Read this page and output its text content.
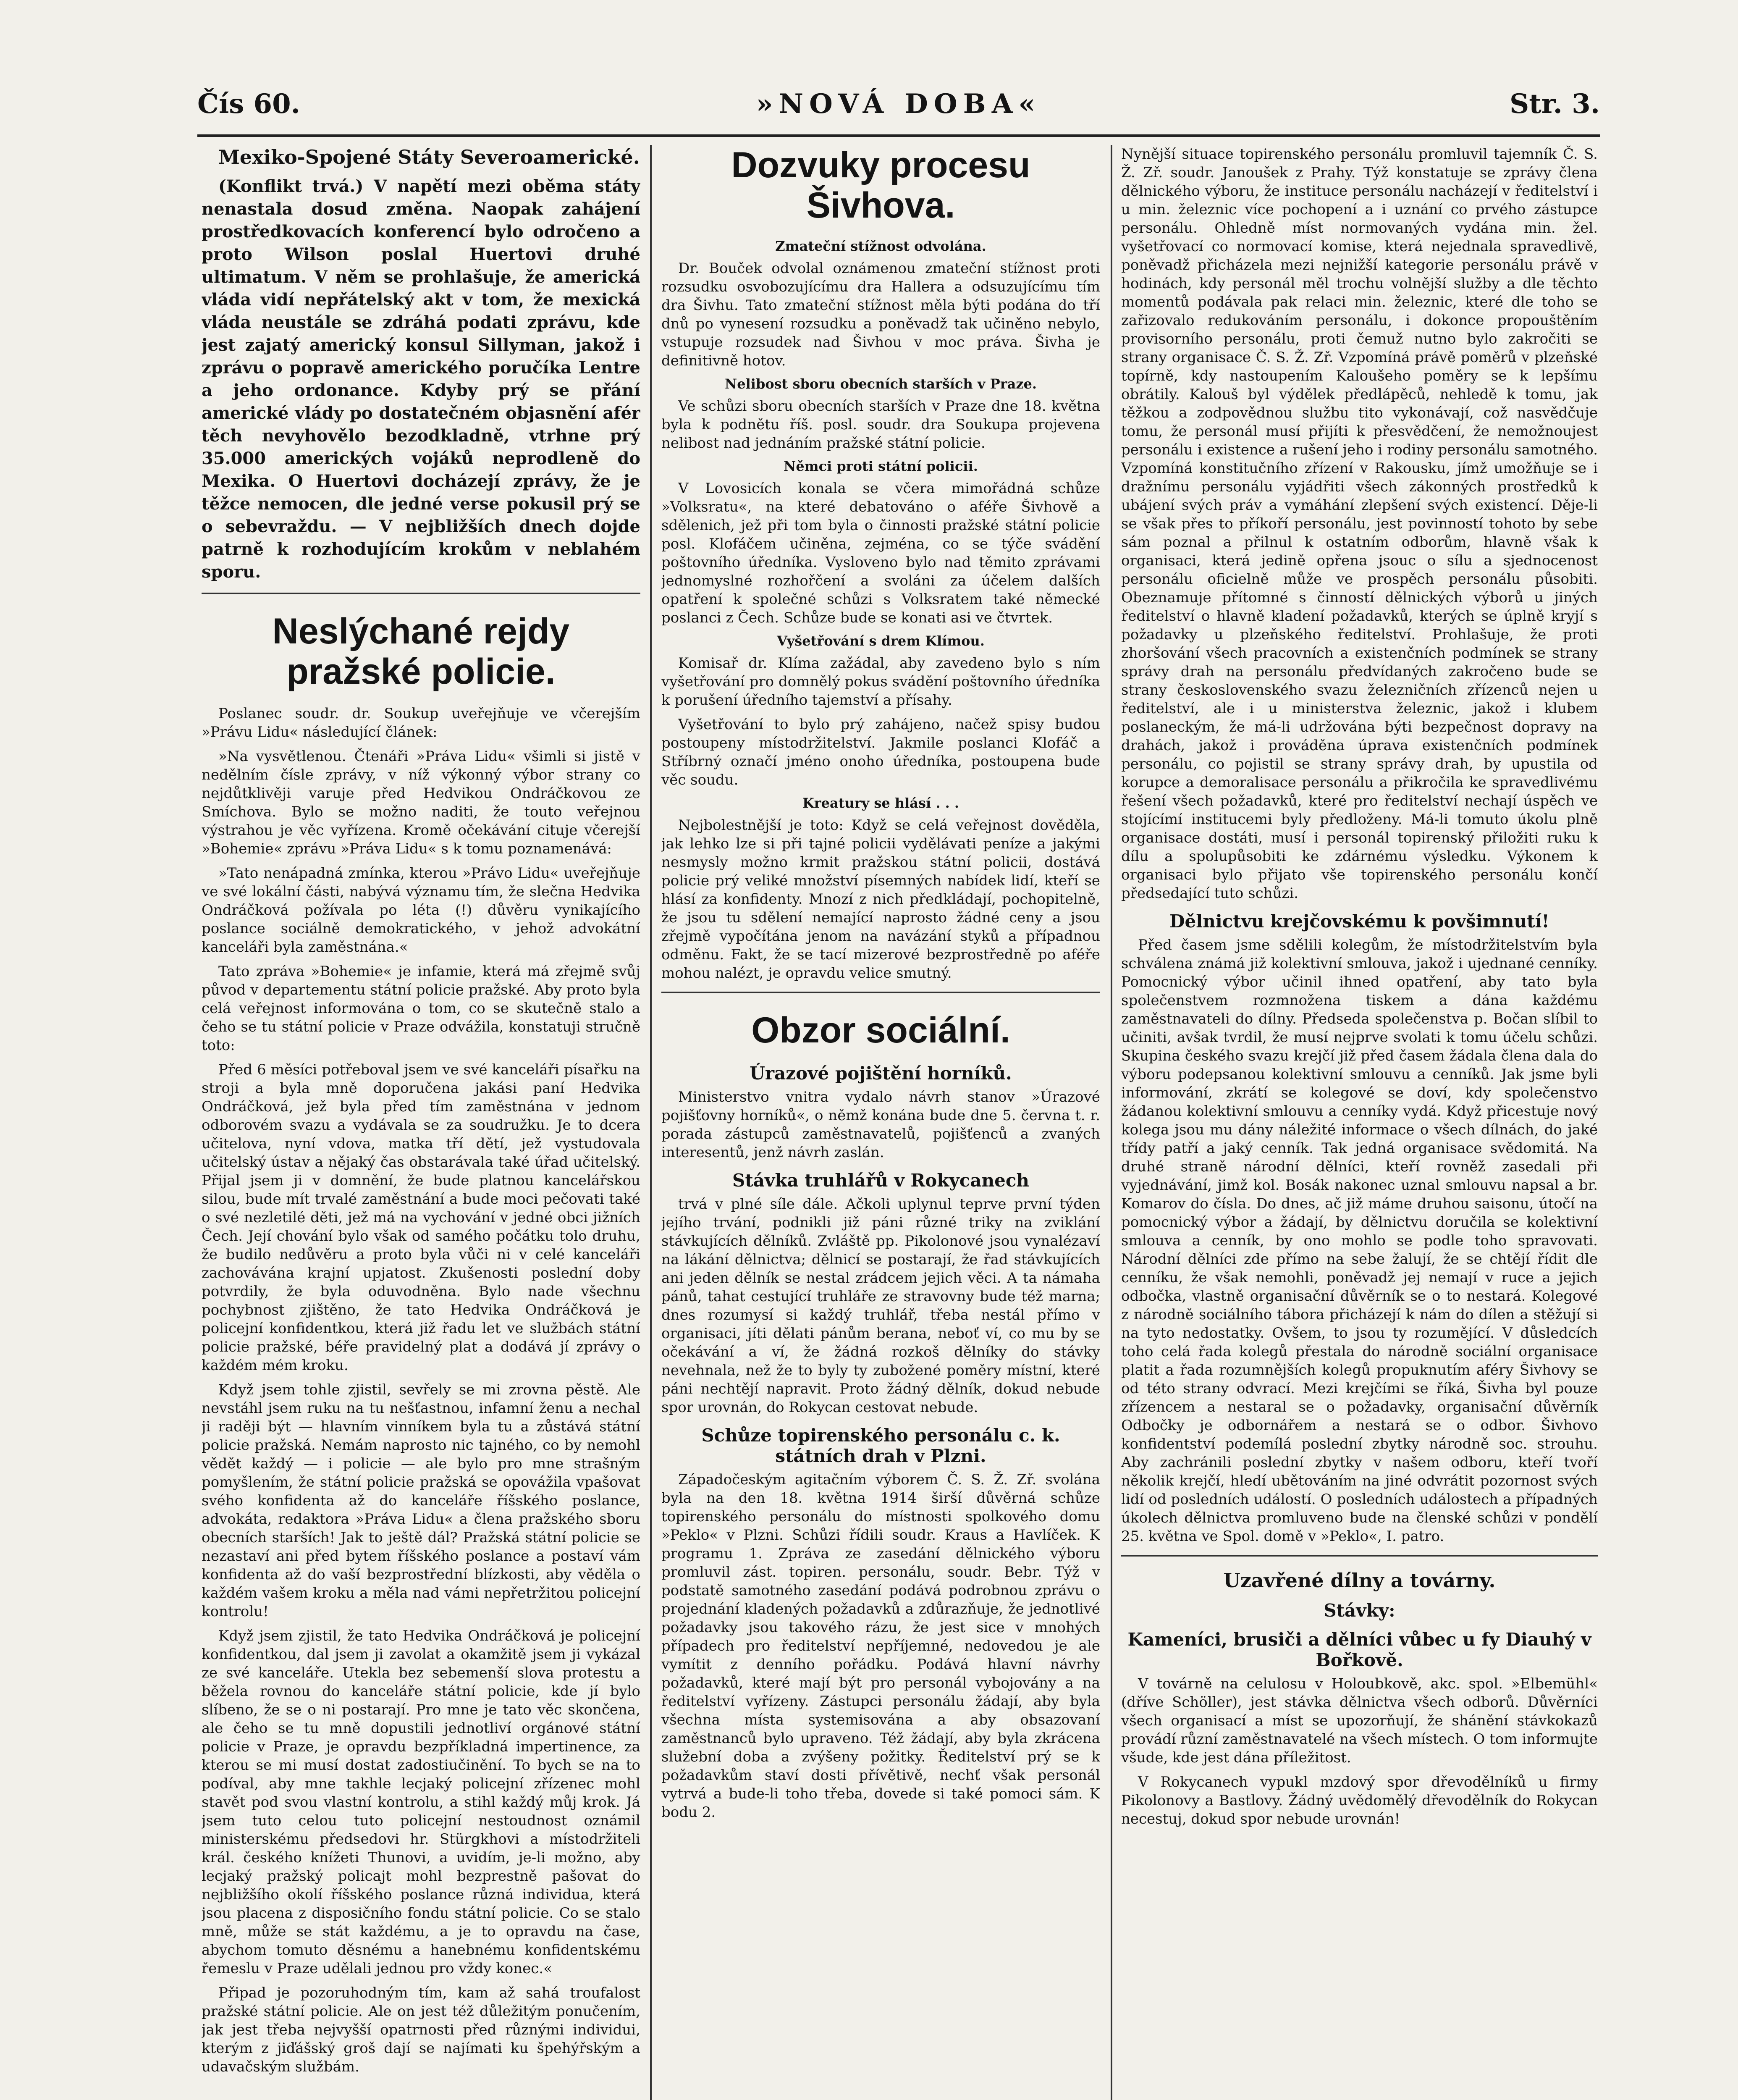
Čís 60.	»NOVÁ DOBA«	Str. 3.

Mexiko-Spojené Státy Severoamerické.

(Konflikt trvá.) V napětí mezi oběma státy nenastala dosud změna. Naopak zahájení prostředkovacích konferencí bylo odročeno a proto Wilson poslal Huertovi druhé ultimatum. V něm se prohlašuje, že americká vláda vidí nepřátelský akt v tom, že mexická vláda neustále se zdráhá podati zprávu, kde jest zajatý americký konsul Sillyman, jakož i zprávu o popravě amerického poručíka Lentre a jeho ordonance. Kdyby prý se přání americké vlády po dostatečném objasnění afér těch nevyhovělo bezodkladně, vtrhne prý 35.000 amerických vojáků neprodleně do Mexika. O Huertovi docházejí zprávy, že je těžce nemocen, dle jedné verse pokusil prý se o sebevraždu. — V nejbližších dnech dojde patrně k rozhodujícím krokům v neblahém sporu.

Neslýchané rejdy pražské policie.

Poslanec soudr. dr. Soukup uveřejňuje ve včerejším »Právu Lidu« následující článek:

»Na vysvětlenou. Čtenáři »Práva Lidu« všimli si jistě v nedělním čísle zprávy, v níž výkonný výbor strany co nejdůtklivěji varuje před Hedvikou Ondráčkovou ze Smíchova. Bylo se možno naditi, že touto veřejnou výstrahou je věc vyřízena. Kromě očekávání cituje včerejší »Bohemie« zprávu »Práva Lidu« s k tomu poznamenává:

»Tato nenápadná zmínka, kterou »Právo Lidu« uveřejňuje ve své lokální části, nabývá významu tím, že slečna Hedvika Ondráčková požívala po léta (!) důvěru vynikajícího poslance sociálně demokratického, v jehož advokátní kanceláři byla zaměstnána.«

Tato zpráva »Bohemie« je infamie, která má zřejmě svůj původ v departementu státní policie pražské. Aby proto byla celá veřejnost informována o tom, co se skutečně stalo a čeho se tu státní policie v Praze odvážila, konstatuji stručně toto:

Před 6 měsíci potřeboval jsem ve své kanceláři písařku na stroji a byla mně doporučena jakási paní Hedvika Ondráčková, jež byla před tím zaměstnána v jednom odborovém svazu a vydávala se za soudružku. Je to dcera učitelova, nyní vdova, matka tří dětí, jež vystudovala učitelský ústav a nějaký čas obstarávala také úřad učitelský. Přijal jsem ji v domnění, že bude platnou kancelářskou silou, bude mít trvalé zaměstnání a bude moci pečovati také o své nezletilé děti, jež má na vychování v jedné obci jižních Čech. Její chování bylo však od samého počátku tolo druhu, že budilo nedůvěru a proto byla vůči ni v celé kanceláři zachovávána krajní upjatost. Zkušenosti poslední doby potvrdily, že byla oduvodněna. Bylo nade všechnu pochybnost zjištěno, že tato Hedvika Ondráčková je policejní konfidentkou, která již řadu let ve službách státní policie pražské, béře pravidelný plat a dodává jí zprávy o každém mém kroku.

Když jsem tohle zjistil, sevřely se mi zrovna pěstě. Ale nevstáhl jsem ruku na tu nešťastnou, infamní ženu a nechal ji raději být — hlavním vinníkem byla tu a zůstává státní policie pražská. Nemám naprosto nic tajného, co by nemohl vědět každý — i policie — ale bylo pro mne strašným pomyšlením, že státní policie pražská se opovážila vpašovat svého konfidenta až do kanceláře říšského poslance, advokáta, redaktora »Práva Lidu« a člena pražského sboru obecních starších! Jak to ještě dál? Pražská státní policie se nezastaví ani před bytem říšského poslance a postaví vám konfidenta až do vaší bezprostřední blízkosti, aby věděla o každém vašem kroku a měla nad vámi nepřetržitou policejní kontrolu!

Když jsem zjistil, že tato Hedvika Ondráčková je policejní konfidentkou, dal jsem ji zavolat a okamžitě jsem ji vykázal ze své kanceláře. Utekla bez sebemenší slova protestu a běžela rovnou do kanceláře státní policie, kde jí bylo slíbeno, že se o ni postarají. Pro mne je tato věc skončena, ale čeho se tu mně dopustili jednotliví orgánové státní policie v Praze, je opravdu bezpříkladná impertinence, za kterou se mi musí dostat zadostiučinění. To bych se na to podíval, aby mne takhle lecjaký policejní zřízenec mohl stavět pod svou vlastní kontrolu, a stihl každý můj krok. Já jsem tuto celou tuto policejní nestoudnost oznámil ministerskému předsedovi hr. Stürgkhovi a místodržiteli král. českého knížeti Thunovi, a uvidím, je-li možno, aby lecjaký pražský policajt mohl bezprestně pašovat do nejbližšího okolí říšského poslance různá individua, která jsou placena z disposičního fondu státní policie. Co se stalo mně, může se stát každému, a je to opravdu na čase, abychom tomuto děsnému a hanebnému konfidentskému řemeslu v Praze udělali jednou pro vždy konec.«

Připad je pozoruhodným tím, kam až sahá troufalost pražské státní policie. Ale on jest též důležitým ponučením, jak jest třeba nejvyšší opatrnosti před různými individui, kterým z jiďášský groš dají se najímati ku špehýřským a udavačským službám.

Dozvuky procesu Šivhova.
Zmateční stížnost odvolána.

Dr. Bouček odvolal oznámenou zmateční stížnost proti rozsudku osvobozujícímu dra Hallera a odsuzujícímu tím dra Šivhu. Tato zmateční stížnost měla býti podána do tří dnů po vynesení rozsudku a poněvadž tak učiněno nebylo, vstupuje rozsudek nad Šivhou v moc práva. Šivha je definitivně hotov.

Nelibost sboru obecních starších v Praze.

Ve schůzi sboru obecních starších v Praze dne 18. května byla k podnětu říš. posl. soudr. dra Soukupa projevena nelibost nad jednáním pražské státní policie.

Němci proti státní policii.

V Lovosicích konala se včera mimořádná schůze »Volksratu«, na které debatováno o aféře Šivhově a sdělenich, jež při tom byla o činnosti pražské státní policie posl. Klofáčem učiněna, zejména, co se týče svádění poštovního úředníka. Vysloveno bylo nad těmito zprávami jednomyslné rozhořčení a svoláni za účelem dalších opatření k společné schůzi s Volksratem také německé poslanci z Čech. Schůze bude se konati asi ve čtvrtek.

Vyšetřování s drem Klímou.

Komisař dr. Klíma zažádal, aby zavedeno bylo s ním vyšetřování pro domnělý pokus svádění poštovního úředníka k porušení úředního tajemství a přísahy.

Vyšetřování to bylo prý zahájeno, načež spisy budou postoupeny místodržitelství. Jakmile poslanci Klofáč a Stříbrný označí jméno onoho úředníka, postoupena bude věc soudu.

Kreatury se hlásí . . .

Nejbolestnější je toto: Když se celá veřejnost dověděla, jak lehko lze si při tajné policii vydělávati peníze a jakými nesmysly možno krmit pražskou státní policii, dostává policie prý veliké množství písemných nabídek lidí, kteří se hlásí za konfidenty. Mnozí z nich předkládají, pochopitelně, že jsou tu sdělení nemající naprosto žádné ceny a jsou zřejmě vypočítána jenom na navázání styků a případnou odměnu. Fakt, že se tací mizerové bezprostředně po aféře mohou nalézt, je opravdu velice smutný.

Obzor sociální.
Úrazové pojištění horníků.

Ministerstvo vnitra vydalo návrh stanov »Úrazové pojišťovny horníků«, o němž konána bude dne 5. června t. r. porada zástupců zaměstnavatelů, pojišťenců a zvaných interesentů, jenž návrh zaslán.

Stávka truhlářů v Rokycanech

trvá v plné síle dále. Ačkoli uplynul teprve první týden jejího trvání, podnikli již páni různé triky na zviklání stávkujících dělníků. Zvláště pp. Pikolonové jsou vynalézaví na lákání dělnictva; dělnicí se postarají, že řad stávkujících ani jeden dělník se nestal zrádcem jejich věci. A ta námaha pánů, tahat cestující truhláře ze stravovny bude též marna; dnes rozumysí si každý truhlář, třeba nestál přímo v organisaci, jíti dělati pánům berana, neboť ví, co mu by se očekávání a ví, že žádná rozkoš dělníky do stávky nevehnala, než že to byly ty zubožené poměry místní, které páni nechtějí napravit. Proto žádný dělník, dokud nebude spor urovnán, do Rokycan cestovat nebude.

Schůze topirenského personálu c. k. státních drah v Plzni.

Západočeským agitačním výborem Č. S. Ž. Zř. svolána byla na den 18. května 1914 širší důvěrná schůze topirenského personálu do místnosti spolkového domu »Peklo« v Plzni. Schůzi řídili soudr. Kraus a Havlíček. K programu 1. Zpráva ze zasedání dělnického výboru promluvil zást. topiren. personálu, soudr. Bebr. Týž v podstatě samotného zasedání podává podrobnou zprávu o projednání kladených požadavků a zdůrazňuje, že jednotlivé požadavky jsou takového rázu, že jest sice v mnohých případech pro ředitelství nepříjemné, nedovedou je ale vymítit z denního pořádku. Podává hlavní návrhy požadavků, které mají být pro personál vybojovány a na ředitelství vyřízeny. Zástupci personálu žádají, aby byla všechna místa systemisována a aby obsazovaní zaměstnanců bylo upraveno. Též žádají, aby byla zkrácena služební doba a zvýšeny požitky. Ředitelství prý se k požadavkům staví dosti přívětivě, nechť však personál vytrvá a bude-li toho třeba, dovede si také pomoci sám. K bodu 2.

Nynější situace topirenského personálu promluvil tajemník Č. S. Ž. Zř. soudr. Janoušek z Prahy. Týž konstatuje se zprávy člena dělnického výboru, že instituce personálu nacházejí v ředitelství i u min. železnic více pochopení a i uznání co prvého zástupce personálu. Ohledně míst normovaných vydána min. žel. vyšetřovací co normovací komise, která nejednala spravedlivě, poněvadž přicházela mezi nejnižší kategorie personálu právě v hodinách, kdy personál měl trochu volnější služby a dle těchto momentů podávala pak relaci min. železnic, které dle toho se zařizovalo redukováním personálu, i dokonce propouštěním provisorního personálu, proti čemuž nutno bylo zakročiti se strany organisace Č. S. Ž. Zř. Vzpomíná právě poměrů v plzeňské topírně, kdy nastoupením Kaloušeho poměry se k lepšímu obrátily. Kalouš byl výdělek předlápěců, nehledě k tomu, jak těžkou a zodpovědnou službu tito vykonávají, což nasvědčuje tomu, že personál musí přijíti k přesvědčení, že nemožnoujest personálu i existence a rušení jeho i rodiny personálu samotného. Vzpomíná konstitučního zřízení v Rakousku, jímž umožňuje se i dražnímu personálu vyjádřiti všech zákonných prostředků k ubájení svých práv a vymáhání zlepšení svých existencí. Děje-li se však přes to příkoří personálu, jest povinností tohoto by sebe sám poznal a přilnul k ostatním odborům, hlavně však k organisaci, která jedině opřena jsouc o sílu a sjednocenost personálu oficielně může ve prospěch personálu působiti. Obeznamuje přítomné s činností dělnických výborů u jiných ředitelství o hlavně kladení požadavků, kterých se úplně kryjí s požadavky u plzeňského ředitelství. Prohlašuje, že proti zhoršování všech pracovních a existenčních podmínek se strany správy drah na personálu předvídaných zakročeno bude se strany československého svazu železničních zřízenců nejen u ředitelství, ale i u ministerstva železnic, jakož i klubem poslaneckým, že má-li udržována býti bezpečnost dopravy na drahách, jakož i prováděna úprava existenčních podmínek personálu, co pojistil se strany správy drah, by upustila od korupce a demoralisace personálu a přikročila ke spravedlivému řešení všech požadavků, které pro ředitelství nechají úspěch ve stojícímí institucemi byly předloženy. Má-li tomuto úkolu plně organisace dostáti, musí i personál topirenský přiložiti ruku k dílu a spolupůsobiti ke zdárnému výsledku. Výkonem k organisaci bylo přijato vše topirenského personálu končí předsedající tuto schůzi.

Dělnictvu krejčovskému k povšimnutí!

Před časem jsme sdělili kolegům, že místodržitelstvím byla schválena známá již kolektivní smlouva, jakož i ujednané cenníky. Pomocnický výbor učinil ihned opatření, aby tato byla společenstvem rozmnožena tiskem a dána každému zaměstnavateli do dílny. Předseda společenstva p. Bočan slíbil to učiniti, avšak tvrdil, že musí nejprve svolati k tomu účelu schůzi. Skupina českého svazu krejčí již před časem žádala člena dala do výboru podepsanou kolektivní smlouvu a cenníků. Jak jsme byli informování, zkrátí se kolegové se doví, kdy společenstvo žádanou kolektivní smlouvu a cenníky vydá. Když přicestuje nový kolega jsou mu dány náležité informace o všech dílnách, do jaké třídy patří a jaký cenník. Tak jedná organisace svědomitá. Na druhé straně národní dělníci, kteří rovněž zasedali při vyjednávání, jimž kol. Bosák nakonec uznal smlouvu napsal a br. Komarov do čísla. Do dnes, ač již máme druhou saisonu, útočí na pomocnický výbor a žádají, by dělnictvu doručila se kolektivní smlouva a cenník, by ono mohlo se podle toho spravovati. Národní dělníci zde přímo na sebe žalují, že se chtějí řídit dle cenníku, že však nemohli, poněvadž jej nemají v ruce a jejich odbočka, vlastně organisační důvěrník se o to nestará. Kolegové z národně sociálního tábora přicházejí k nám do dílen a stěžují si na tyto nedostatky. Ovšem, to jsou ty rozumějící. V důsledcích toho celá řada kolegů přestala do národně sociální organisace platit a řada rozumnějších kolegů propuknutím aféry Šivhovy se od této strany odvrací. Mezi krejčími se říká, Šivha byl pouze zřízencem a nestaral se o požadavky, organisační důvěrník Odbočky je odbornářem a nestará se o odbor. Šivhovo konfidentství podemílá poslední zbytky národně soc. strouhu. Aby zachránili poslední zbytky v našem odboru, kteří tvoří několik krejčí, hledí ubětováním na jiné odvrátit pozornost svých lidí od posledních událostí. O posledních událostech a případných úkolech dělnictva promluveno bude na členské schůzi v pondělí 25. května ve Spol. domě v »Peklo«, I. patro.

Uzavřené dílny a továrny.
Stávky:
Kameníci, brusiči a dělníci vůbec u fy Diauhý v Bořkově.

V továrně na celulosu v Holoubkově, akc. spol. »Elbemühl« (dříve Schöller), jest stávka dělnictva všech odborů. Důvěrníci všech organisací a míst se upozorňují, že shánění stávkokazů provádí různí zaměstnavatelé na všech místech. O tom informujte všude, kde jest dána příležitost.

V Rokycanech vypukl mzdový spor dřevodělníků u firmy Pikolonovy a Bastlovy. Žádný uvědomělý dřevodělník do Rokycan necestuj, dokud spor nebude urovnán!
